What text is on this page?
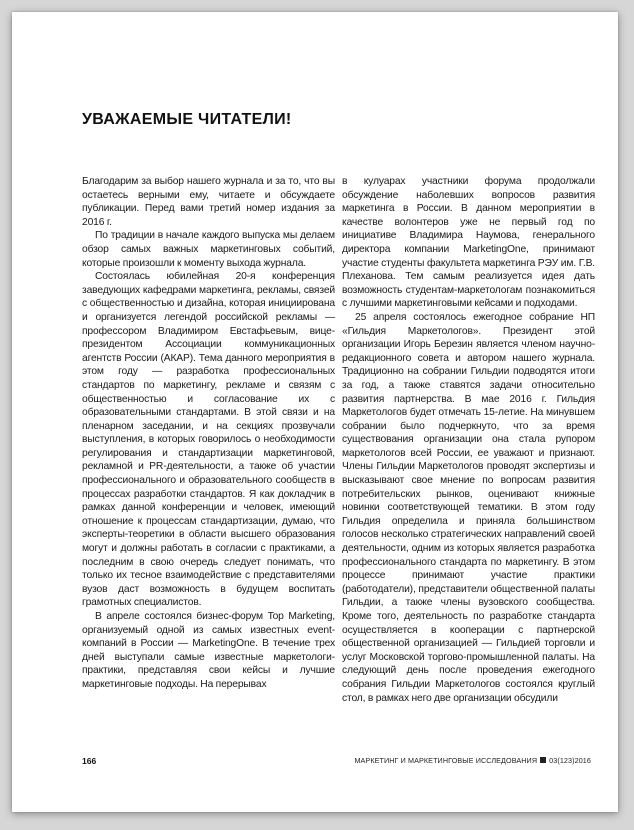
УВАЖАЕМЫЕ ЧИТАТЕЛИ!

Благодарим за выбор нашего журнала и за то, что вы остаетесь верными ему, читаете и обсуждаете публикации. Перед вами третий номер издания за 2016 г.

По традиции в начале каждого выпуска мы делаем обзор самых важных маркетинговых событий, которые произошли к моменту выхода журнала.

Состоялась юбилейная 20-я конференция заведующих кафедрами маркетинга, рекламы, связей с общественностью и дизайна, которая инициирована и организуется легендой российской рекламы — профессором Владимиром Евстафьевым, вице-президентом Ассоциации коммуникационных агентств России (АКАР). Тема данного мероприятия в этом году — разработка профессиональных стандартов по маркетингу, рекламе и связям с общественностью и согласование их с образовательными стандартами. В этой связи и на пленарном заседании, и на секциях прозвучали выступления, в которых говорилось о необходимости регулирования и стандартизации маркетинговой, рекламной и PR-деятельности, а также об участии профессионального и образовательного сообществ в процессах разработки стандартов. Я как докладчик в рамках данной конференции и человек, имеющий отношение к процессам стандартизации, думаю, что эксперты-теоретики в области высшего образования могут и должны работать в согласии с практиками, а последним в свою очередь следует понимать, что только их тесное взаимодействие с представителями вузов даст возможность в будущем воспитать грамотных специалистов.

В апреле состоялся бизнес-форум Top Marketing, организуемый одной из самых известных event-компаний в России — MarketingOne. В течение трех дней выступали самые известные маркетологи-практики, представляя свои кейсы и лучшие маркетинговые подходы. На перерывах

в кулуарах участники форума продолжали обсуждение наболевших вопросов развития маркетинга в России. В данном мероприятии в качестве волонтеров уже не первый год по инициативе Владимира Наумова, генерального директора компании MarketingOne, принимают участие студенты факультета маркетинга РЭУ им. Г.В. Плеханова. Тем самым реализуется идея дать возможность студентам-маркетологам познакомиться с лучшими маркетинговыми кейсами и подходами.

25 апреля состоялось ежегодное собрание НП «Гильдия Маркетологов». Президент этой организации Игорь Березин является членом научно-редакционного совета и автором нашего журнала. Традиционно на собрании Гильдии подводятся итоги за год, а также ставятся задачи относительно развития партнерства. В мае 2016 г. Гильдия Маркетологов будет отмечать 15-летие. На минувшем собрании было подчеркнуто, что за время существования организации она стала рупором маркетологов всей России, ее уважают и признают. Члены Гильдии Маркетологов проводят экспертизы и высказывают свое мнение по вопросам развития потребительских рынков, оценивают книжные новинки соответствующей тематики. В этом году Гильдия определила и приняла большинством голосов несколько стратегических направлений своей деятельности, одним из которых является разработка профессионального стандарта по маркетингу. В этом процессе принимают участие практики (работодатели), представители общественной палаты Гильдии, а также члены вузовского сообщества. Кроме того, деятельность по разработке стандарта осуществляется в кооперации с партнерской общественной организацией — Гильдией торговли и услуг Московской торгово-промышленной палаты. На следующий день после проведения ежегодного собрания Гильдии Маркетологов состоялся круглый стол, в рамках него две организации обсудили

166	МАРКЕТИНГ И МАРКЕТИНГОВЫЕ ИССЛЕДОВАНИЯ 03(123)2016
